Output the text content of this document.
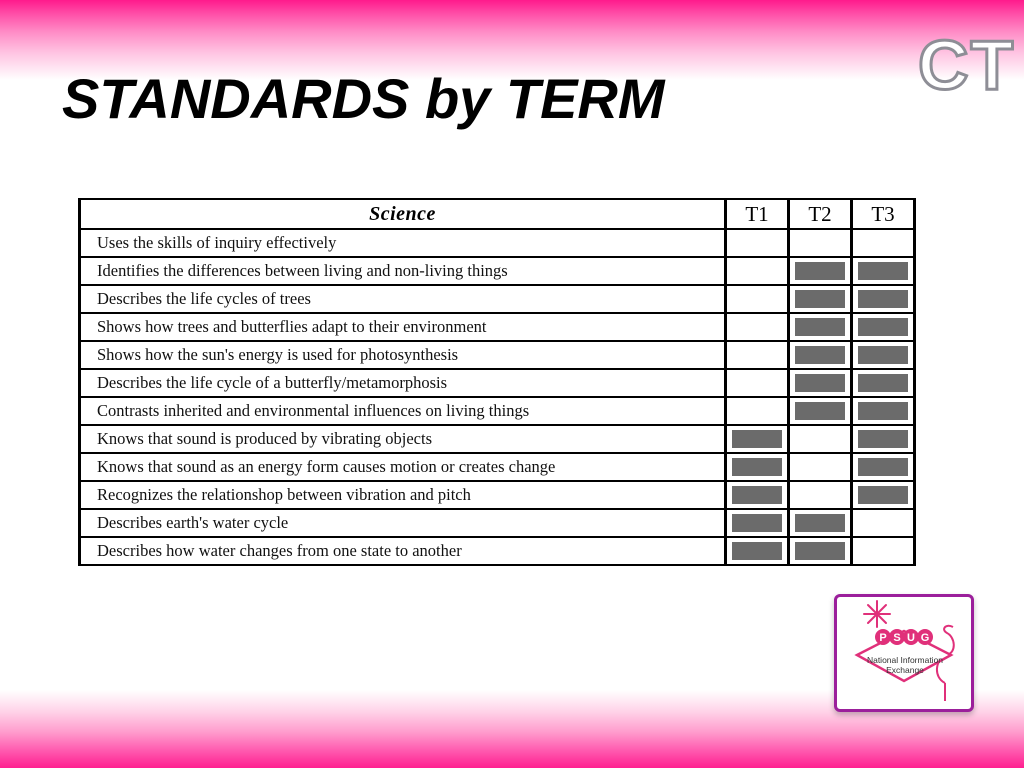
STANDARDS by TERM	CT
Science	T1	T2	T3
Uses the skills of inquiry effectively			
Identifies the differences between living and non-living things		

Describes the life cycles of trees		

Shows how trees and butterflies adapt to their environment		

Shows how the sun's energy is used for photosynthesis		

Describes the life cycle of a butterfly/metamorphosis		

Contrasts inherited and environmental influences on living things		

Knows that sound is produced by vibrating objects	

Knows that sound as an energy form causes motion or creates change	

Recognizes the relationshop between vibration and pitch	

Describes earth's water cycle	

Describes how water changes from one state to another	

P S U G
National Information
Exchange
